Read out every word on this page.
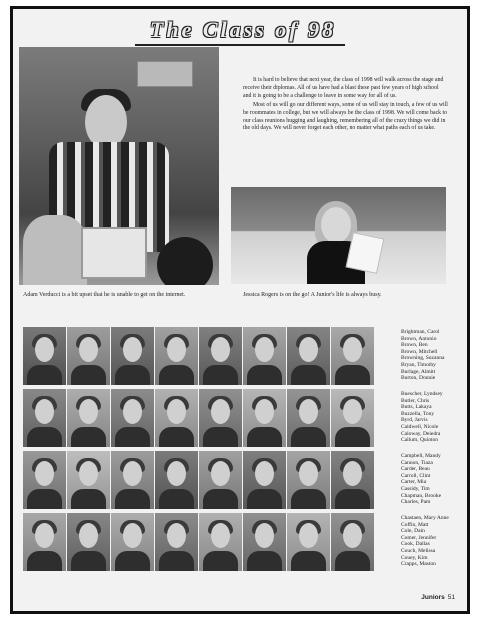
The Class of 98

It is hard to believe that next year, the class of 1998 will walk across the stage and receive their diplomas. All of us have had a blast these past few years of high school and it is going to be a challenge to leave in some way for all of us.

Most of us will go our different ways, some of us will stay in touch, a few of us will be roommates in college, but we will always be the class of 1998. We will come back to our class reunions hugging and laughing, remembering all of the crazy things we did in the old days. We will never forget each other, no matter what paths each of us take.

Adam Verducci is a bit upset that he is unable to get on the internet.	Jessica Rogers is on the go! A Junior's life is always busy.
Brightman, Carol
Brown, Antonio
Brown, Ben
Brown, Mitchell
Browning, Suzanna
Bryan, Timothy
Burlage, Almitt
Burton, Donnie
Buescher, Lyndsey
Butler, Chris
Butts, Lakaya
Buzzella, Tony
Byrd, Jarvis
Caldwell, Nicole
Caloway, Deiedra
Callum, Quinton
Campbell, Mandy
Cannon, Tiaza
Carder, Beau
Carroll, Clint
Carter, Mia
Cassidy, Tim
Chapman, Brooke
Charles, Pam
Chastaen, Mary Anne
Coffin, Matt
Cole, Dain
Comer, Jennifer
Cook, Dallas
Couch, Melissa
Couey, Kim
Crapps, Maston
Juniors 51
